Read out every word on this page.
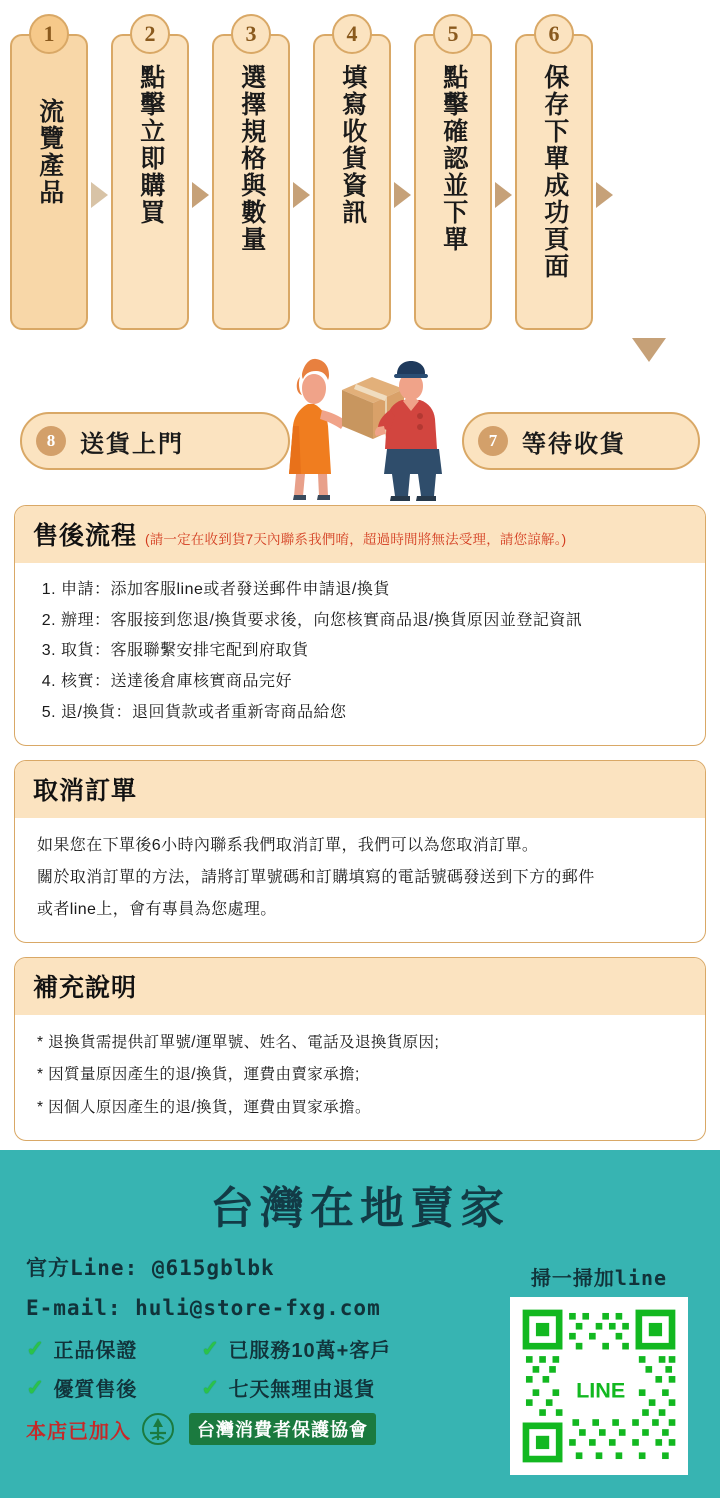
1
流覽產品
2
點擊立即購買
3
選擇規格與數量
4
填寫收貨資訊
5
點擊確認並下單
6
保存下單成功頁面
8	送貨上門	7	等待收貨
售後流程 (請一定在收到貨7天內聯系我們唷，超過時間將無法受理，請您諒解。)
1. 申請：添加客服line或者發送郵件申請退/換貨
2. 辦理：客服接到您退/換貨要求後，向您核實商品退/換貨原因並登記資訊
3. 取貨：客服聯繫安排宅配到府取貨
4. 核實：送達後倉庫核實商品完好
5. 退/換貨：退回貨款或者重新寄商品給您
取消訂單

如果您在下單後6小時內聯系我們取消訂單，我們可以為您取消訂單。

關於取消訂單的方法，請將訂單號碼和訂購填寫的電話號碼發送到下方的郵件

或者line上，會有專員為您處理。

補充說明
* 退換貨需提供訂單號/運單號、姓名、電話及退換貨原因;
* 因質量原因產生的退/換貨，運費由賣家承擔;
* 因個人原因產生的退/換貨，運費由買家承擔。
台灣在地賣家
官方Line: @615gblbk
E-mail: huli@store-fxg.com
✓ 正品保證	✓ 已服務10萬+客戶
✓ 優質售後	✓ 七天無理由退貨
本店已加入	台灣消費者保護協會
掃一掃加line
LINE
